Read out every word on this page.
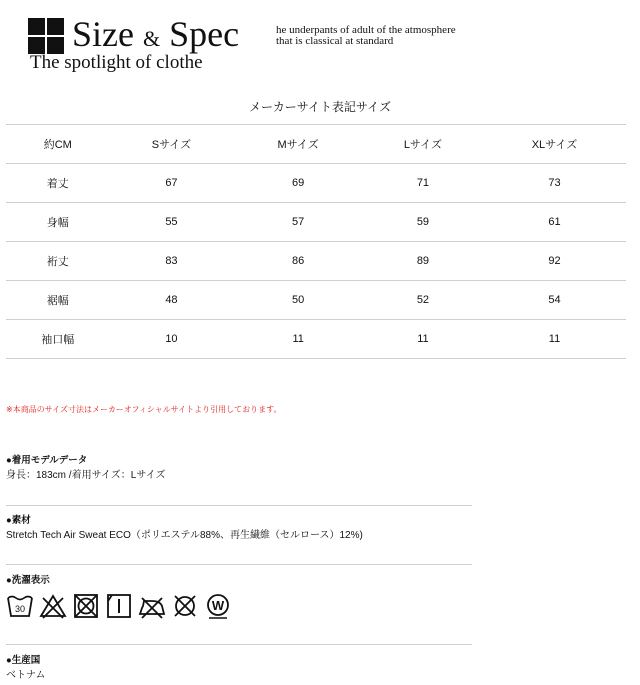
Size & Spec
The spotlight of clothe
he underpants of adult of the atmosphere
that is classical at standard
メーカーサイト表記サイズ
約CM	Sサイズ	Mサイズ	Lサイズ	XLサイズ
着丈	67	69	71	73
身幅	55	57	59	61
裄丈	83	86	89	92
裾幅	48	50	52	54
袖口幅	10	11	11	11
※本商品のサイズ寸法はメーカーオフィシャルサイトより引用しております。
●着用モデルデータ
身長：183cm /着用サイズ：Lサイズ
●素材
Stretch Tech Air Sweat ECO（ポリエステル88%、再生繊維（セルロース）12%)
●洗濯表示
30	W
●生産国
ベトナム
